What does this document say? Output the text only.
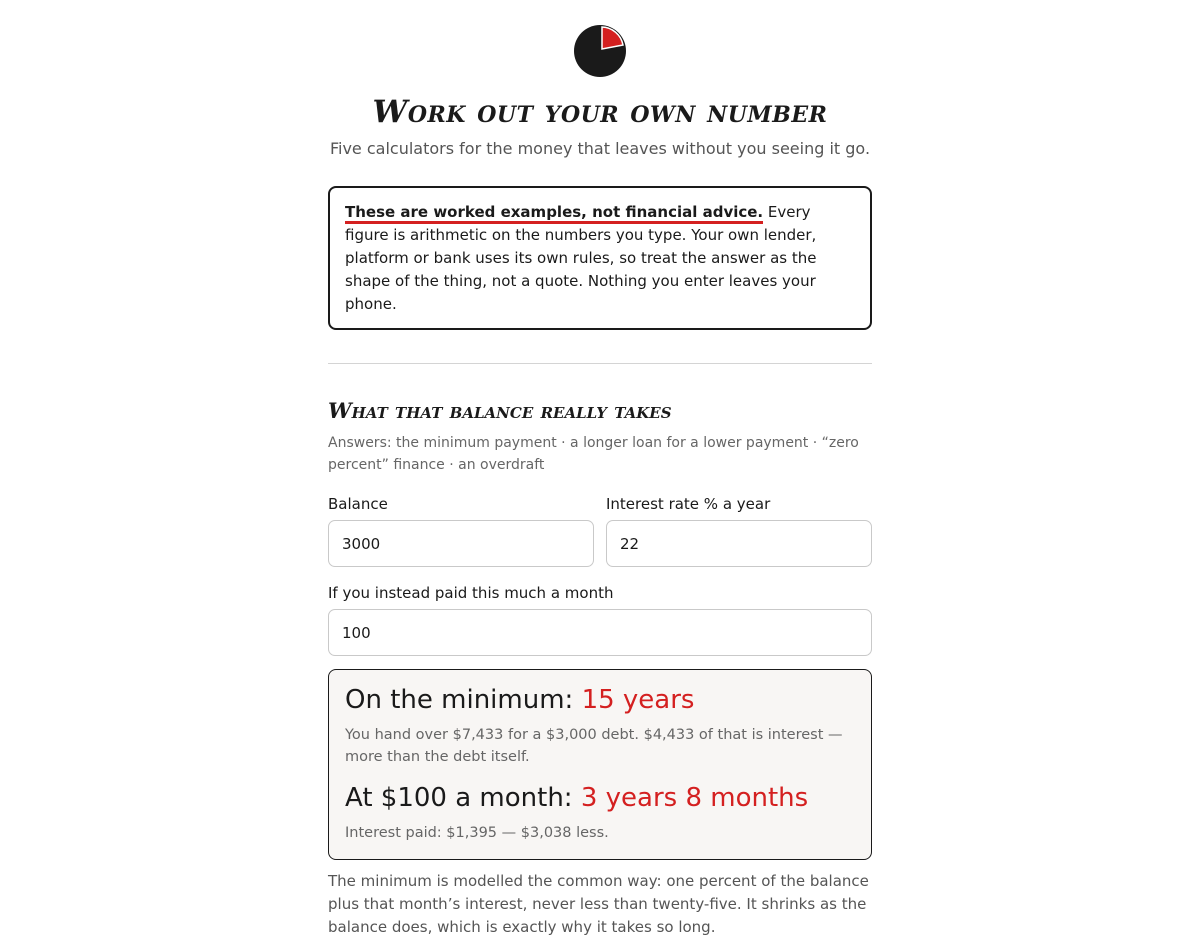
Work out your own number

Five calculators for the money that leaves without you seeing it go.

These are worked examples, not financial advice. Every figure is arithmetic on the numbers you type. Your own lender, platform or bank uses its own rules, so treat the answer as the shape of the thing, not a quote. Nothing you enter leaves your phone.
What that balance really takes

Answers: the minimum payment · a longer loan for a lower payment · “zero percent” finance · an overdraft

Balance
3000	Interest rate % a year
22
If you instead paid this much a month
100
On the minimum: 15 years
You hand over $7,433 for a $3,000 debt. $4,433 of that is interest — more than the debt itself.
At $100 a month: 3 years 8 months
Interest paid: $1,395 — $3,038 less.

The minimum is modelled the common way: one percent of the balance plus that month’s interest, never less than twenty-five. It shrinks as the balance does, which is exactly why it takes so long.
